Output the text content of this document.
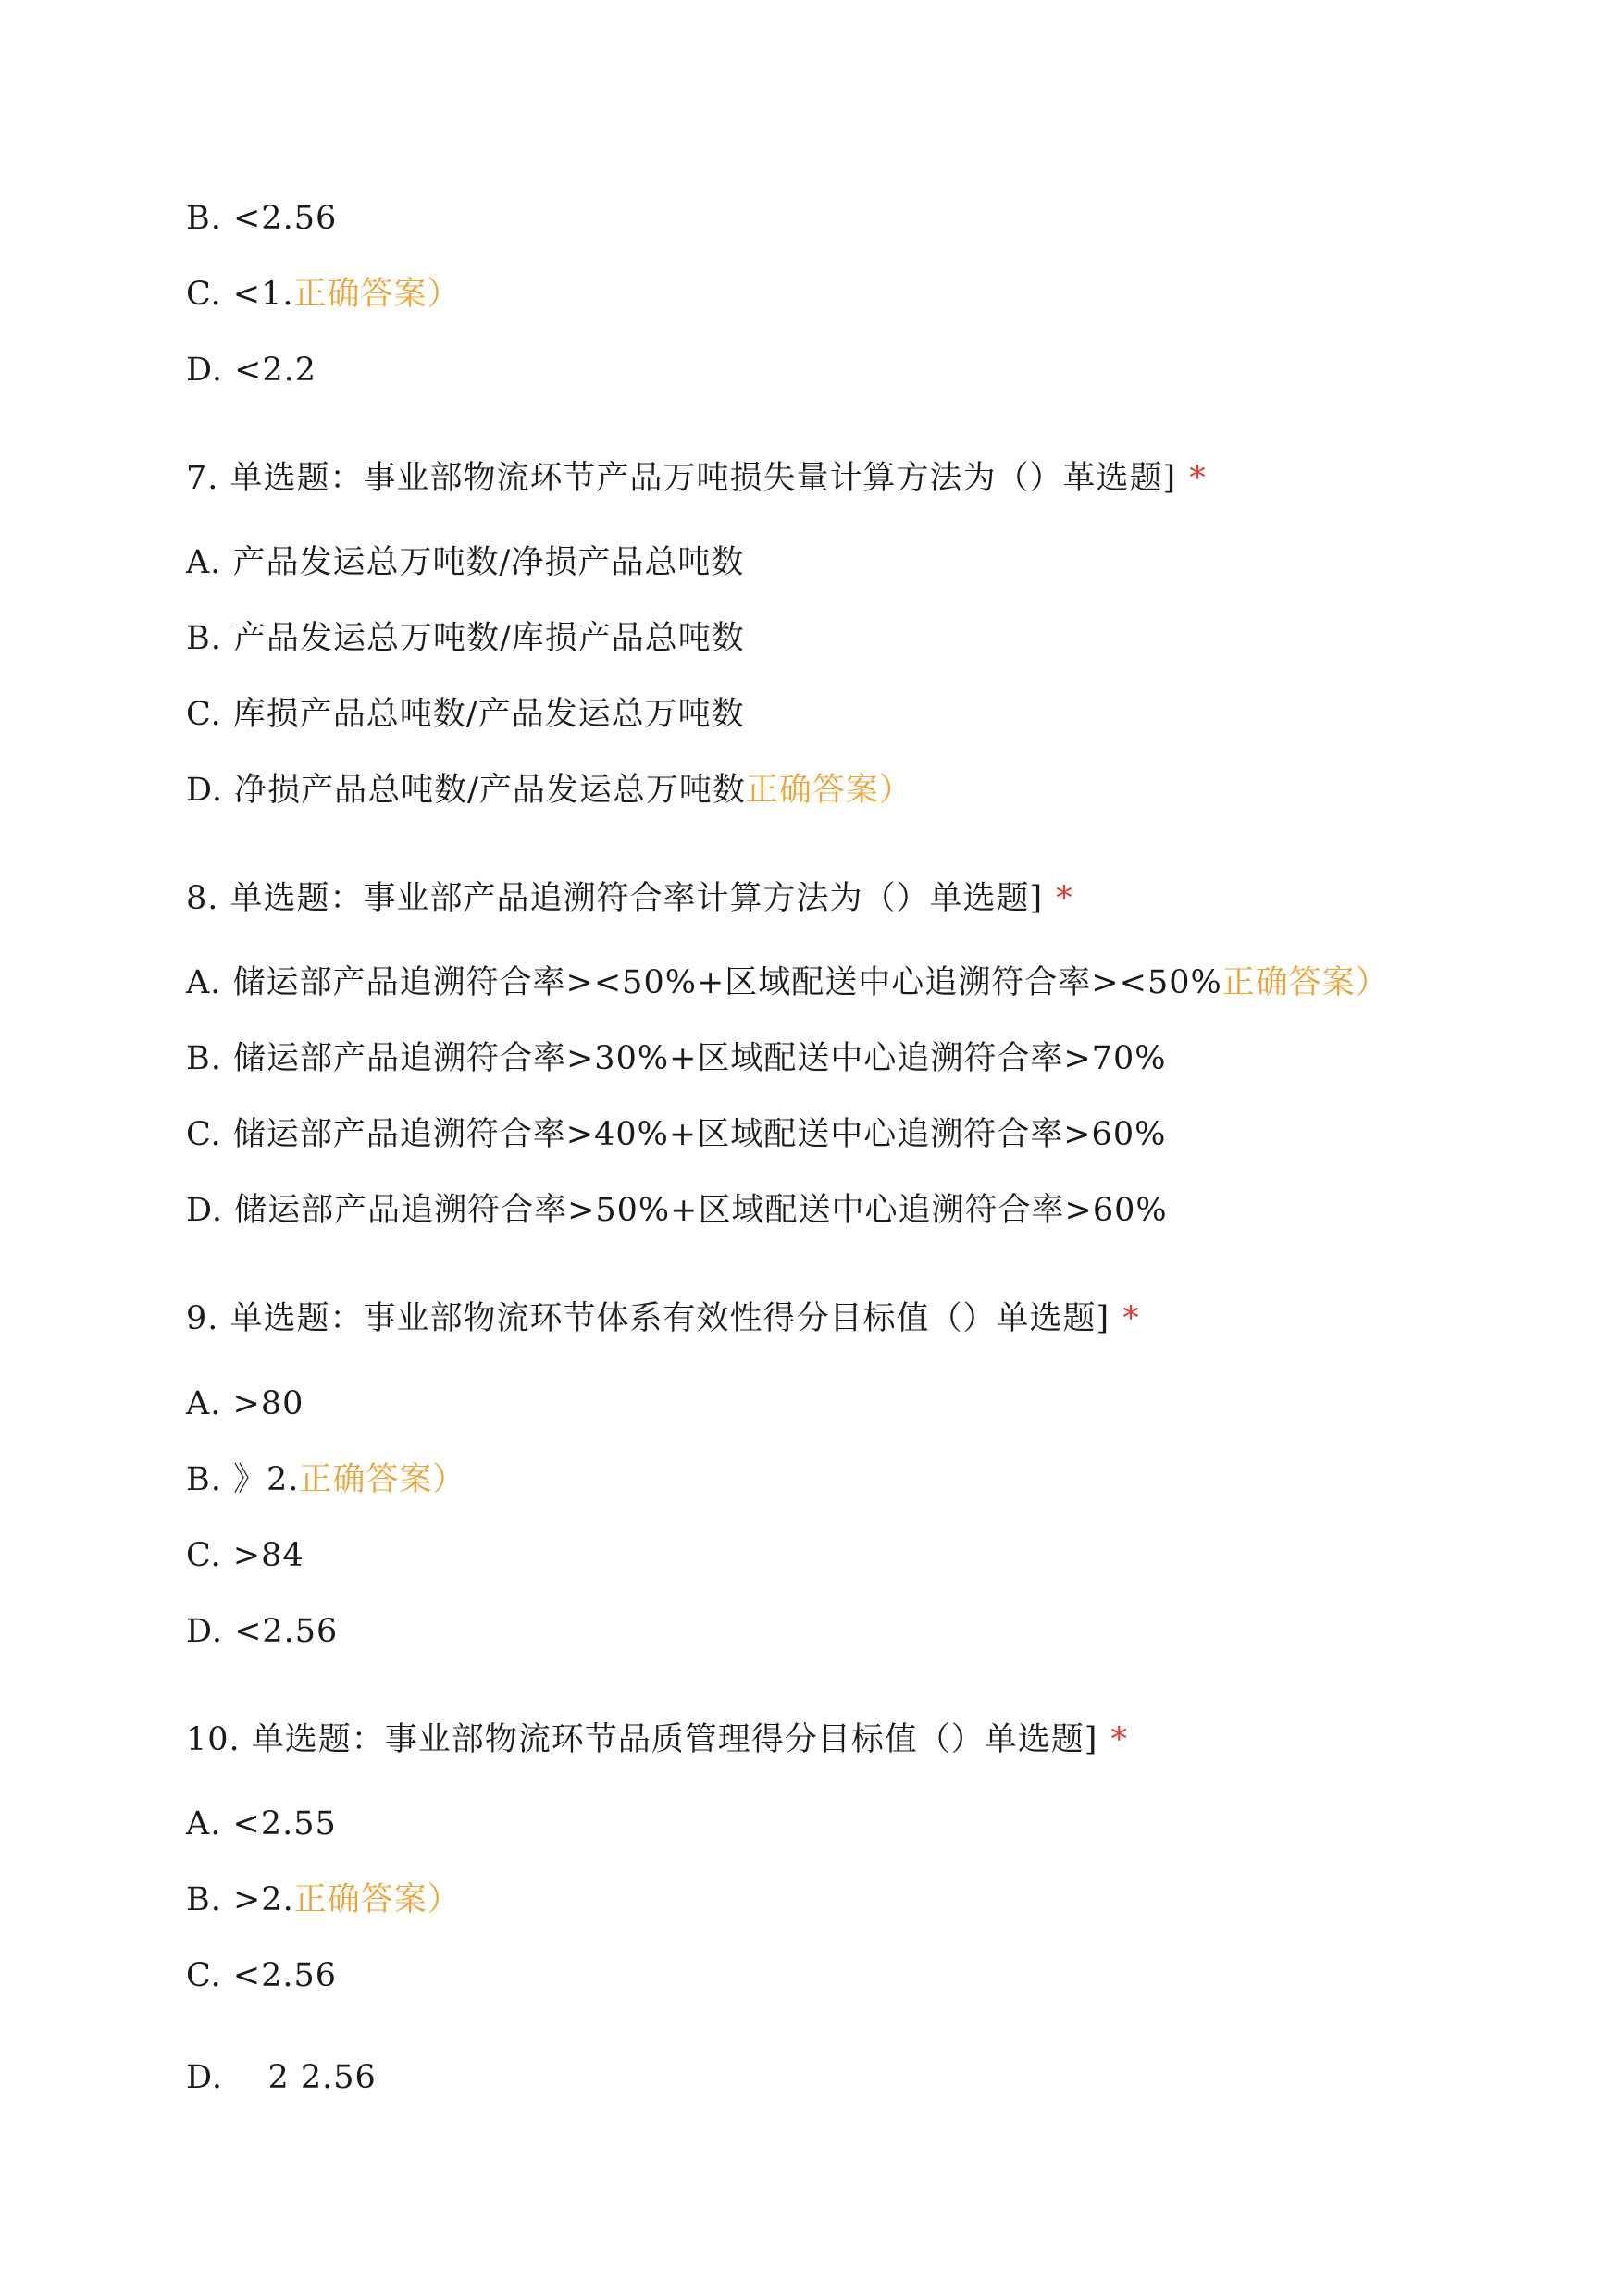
B. <2.56
C. <1.正确答案）
D. <2.2
7. 单选题：事业部物流环节产品万吨损失量计算方法为（）革选题] *
A. 产品发运总万吨数/净损产品总吨数
B. 产品发运总万吨数/库损产品总吨数
C. 库损产品总吨数/产品发运总万吨数
D. 净损产品总吨数/产品发运总万吨数正确答案）
8. 单选题：事业部产品追溯符合率计算方法为（）单选题] *
A. 储运部产品追溯符合率><50%+区域配送中心追溯符合率><50%正确答案）
B. 储运部产品追溯符合率>30%+区域配送中心追溯符合率>70%
C. 储运部产品追溯符合率>40%+区域配送中心追溯符合率>60%
D. 储运部产品追溯符合率>50%+区域配送中心追溯符合率>60%
9. 单选题：事业部物流环节体系有效性得分目标值（）单选题] *
A. >80
B. 》2.正确答案）
C. >84
D. <2.56
10. 单选题：事业部物流环节品质管理得分目标值（）单选题] *
A. <2.55
B. >2.正确答案）
C. <2.56
D.    2 2.56
